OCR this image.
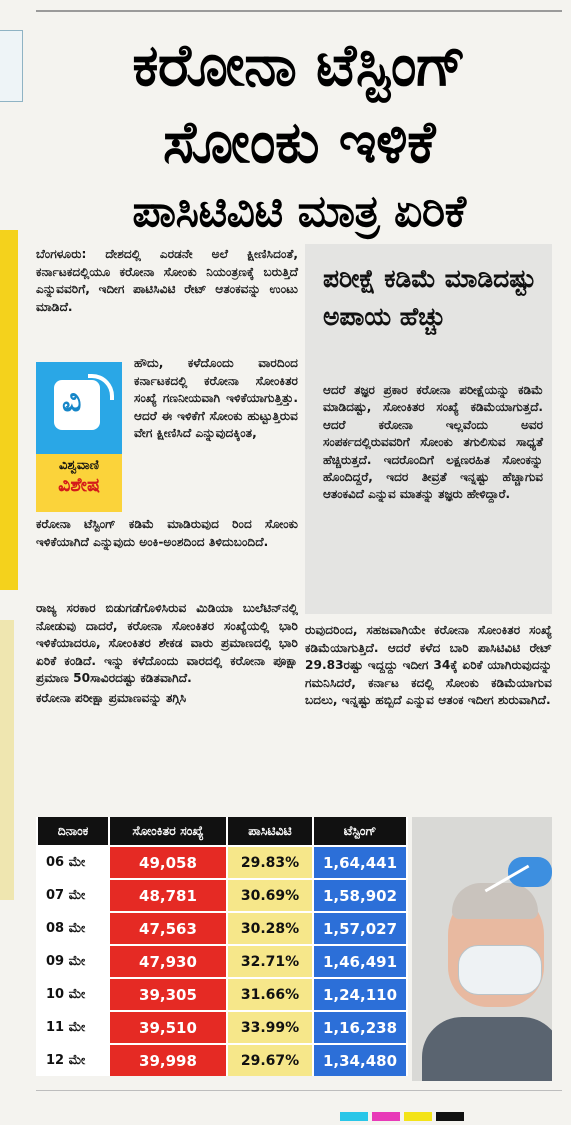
ಕರೋನಾ ಟೆಸ್ಟಿಂಗ್
ಸೋಂಕು ಇಳಿಕೆ
ಪಾಸಿಟಿವಿಟಿ ಮಾತ್ರ ಏರಿಕೆ

ಬೆಂಗಳೂರು: ದೇಶದಲ್ಲಿ ಎರಡನೇ ಅಲೆ ಕ್ಷೀಣಿಸಿದಂತೆ, ಕರ್ನಾಟಕದಲ್ಲಿಯೂ ಕರೋನಾ ಸೋಂಕು ನಿಯಂತ್ರಣಕ್ಕೆ ಬರುತ್ತಿದೆ ಎನ್ನುವವರಿಗೆ, ಇದೀಗ ಪಾಟಿಸಿವಿಟಿ ರೇಟ್ ಆತಂಕವನ್ನು ಉಂಟು ಮಾಡಿದೆ.

ವಿ
ವಿಶ್ವವಾಣಿ
ವಿಶೇಷ
ಹೌದು, ಕಳೆದೊಂದು ವಾರದಿಂದ ಕರ್ನಾಟಕದಲ್ಲಿ ಕರೋನಾ ಸೋಂಕಿತರ ಸಂಖ್ಯೆ ಗಣನೀಯವಾಗಿ ಇಳಿಕೆಯಾಗುತ್ತಿತ್ತು. ಆದರೆ ಈ ಇಳಿಕೆಗೆ ಸೋಂಕು ಹುಟ್ಟುತ್ತಿರುವ ವೇಗ ಕ್ಷೀಣಿಸಿದೆ ಎನ್ನುವುದಕ್ಕಿಂತ,

ಕರೋನಾ ಟೆಸ್ಟಿಂಗ್ ಕಡಿಮೆ ಮಾಡಿರುವುದ ರಿಂದ ಸೋಂಕು ಇಳಿಕೆಯಾಗಿದೆ ಎನ್ನುವುದು ಅಂಕಿ-ಅಂಶದಿಂದ ತಿಳಿದುಬಂದಿದೆ.

ರಾಜ್ಯ ಸರಕಾರ ಬಿಡುಗಡೆಗೊಳಿಸಿರುವ ಮಿಡಿಯಾ ಬುಲೆಟಿನ್‌ನಲ್ಲಿ ನೋಡುವು ದಾದರೆ, ಕರೋನಾ ಸೋಂಕಿತರ ಸಂಖ್ಯೆಯಲ್ಲಿ ಭಾರಿ ಇಳಿಕೆಯಾದರೂ, ಸೋಂಕಿತರ ಶೇಕಡ ವಾರು ಪ್ರಮಾಣದಲ್ಲಿ ಭಾರಿ ಏರಿಕೆ ಕಂಡಿದೆ. ಇನ್ನು ಕಳೆದೊಂದು ವಾರದಲ್ಲಿ ಕರೋನಾ ಪೂಕ್ಷಾ ಪ್ರಮಾಣ 50ಸಾವಿರದಷ್ಟು ಕಡಿತವಾಗಿದೆ.

ಕರೋನಾ ಪರೀಕ್ಷಾ ಪ್ರಮಾಣವನ್ನು ತಗ್ಗಿಸಿ

ಪರೀಕ್ಷೆ ಕಡಿಮೆ ಮಾಡಿದಷ್ಟು ಅಪಾಯ ಹೆಚ್ಚು
ಆದರೆ ತಜ್ಞರ ಪ್ರಕಾರ ಕರೋನಾ ಪರೀಕ್ಷೆಯನ್ನು ಕಡಿಮೆ ಮಾಡಿದಷ್ಟು, ಸೋಂಕಿತರ ಸಂಖ್ಯೆ ಕಡಿಮೆಯಾಗುತ್ತದೆ. ಆದರೆ ಕರೋನಾ ಇಲ್ಲವೆಂದು ಅವರ ಸಂಪರ್ಕದಲ್ಲಿರುವವರಿಗೆ ಸೋಂಕು ತಗುಲಿಸುವ ಸಾಧ್ಯತೆ ಹೆಚ್ಚಿರುತ್ತದೆ. ಇದರೊಂದಿಗೆ ಲಕ್ಷಣರಹಿತ ಸೋಂಕನ್ನು ಹೊಂದಿದ್ದರೆ, ಇದರ ತೀವ್ರತೆ ಇನ್ನಷ್ಟು ಹೆಚ್ಚಾಗುವ ಆತಂಕವಿದೆ ಎನ್ನುವ ಮಾತನ್ನು ತಜ್ಞರು ಹೇಳಿದ್ದಾರೆ.

ರುವುದರಿಂದ, ಸಹಜವಾಗಿಯೇ ಕರೋನಾ ಸೋಂಕಿತರ ಸಂಖ್ಯೆ ಕಡಿಮೆಯಾಗುತ್ತಿದೆ. ಆದರೆ ಕಳೆದ ಬಾರಿ ಪಾಸಿಟಿವಿಟಿ ರೇಟ್ 29.83ರಷ್ಟು ಇದ್ದದ್ದು ಇದೀಗ 34ಕ್ಕೆ ಏರಿಕೆ ಯಾಗಿರುವುದನ್ನು ಗಮನಿಸಿದರೆ, ಕರ್ನಾಟ ಕದಲ್ಲಿ ಸೋಂಕು ಕಡಿಮೆಯಾಗುವ ಬದಲು, ಇನ್ನಷ್ಟು ಹಬ್ಬಿದೆ ಎನ್ನುವ ಆತಂಕ ಇದೀಗ ಶುರುವಾಗಿದೆ.

ದಿನಾಂಕ	ಸೋಂಕಿತರ ಸಂಖ್ಯೆ	ಪಾಸಿಟಿವಿಟಿ	ಟೆಸ್ಟಿಂಗ್
06 ಮೇ	49,058	29.83%	1,64,441
07 ಮೇ	48,781	30.69%	1,58,902
08 ಮೇ	47,563	30.28%	1,57,027
09 ಮೇ	47,930	32.71%	1,46,491
10 ಮೇ	39,305	31.66%	1,24,110
11 ಮೇ	39,510	33.99%	1,16,238
12 ಮೇ	39,998	29.67%	1,34,480
